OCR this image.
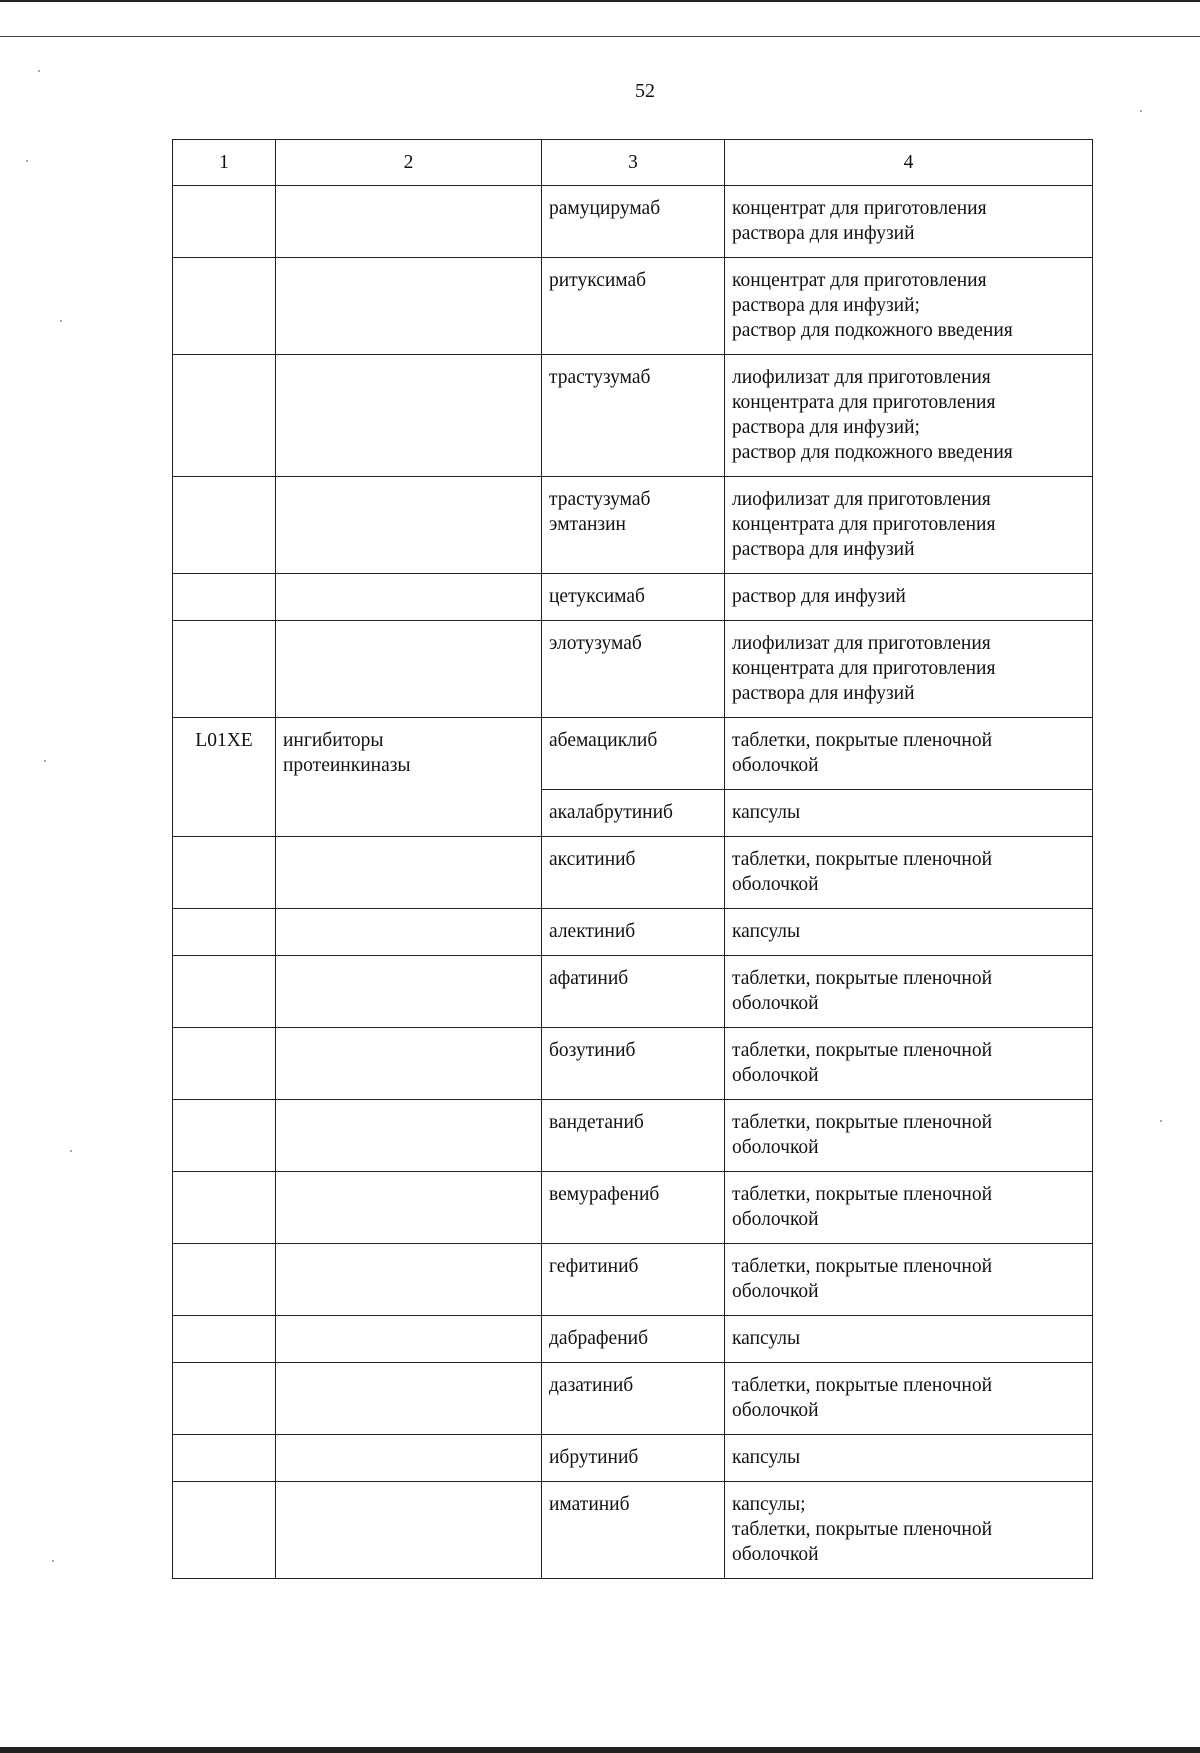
52
1	2	3	4

		рамуцирумаб	концентрат для приготовления
раствора для инфузий

		ритуксимаб	концентрат для приготовления
раствора для инфузий;
раствор для подкожного введения

		трастузумаб	лиофилизат для приготовления
концентрата для приготовления
раствора для инфузий;
раствор для подкожного введения

		трастузумаб
эмтанзин	лиофилизат для приготовления
концентрата для приготовления
раствора для инфузий

		цетуксимаб	раствор для инфузий

		элотузумаб	лиофилизат для приготовления
концентрата для приготовления
раствора для инфузий

L01XE	ингибиторы
протеинкиназы	абемациклиб	таблетки, покрытые пленочной
оболочкой

		акалабрутиниб	капсулы

		акситиниб	таблетки, покрытые пленочной
оболочкой

		алектиниб	капсулы

		афатиниб	таблетки, покрытые пленочной
оболочкой

		бозутиниб	таблетки, покрытые пленочной
оболочкой

		вандетаниб	таблетки, покрытые пленочной
оболочкой

		вемурафениб	таблетки, покрытые пленочной
оболочкой

		гефитиниб	таблетки, покрытые пленочной
оболочкой

		дабрафениб	капсулы

		дазатиниб	таблетки, покрытые пленочной
оболочкой

		ибрутиниб	капсулы

		иматиниб	капсулы;
таблетки, покрытые пленочной
оболочкой
